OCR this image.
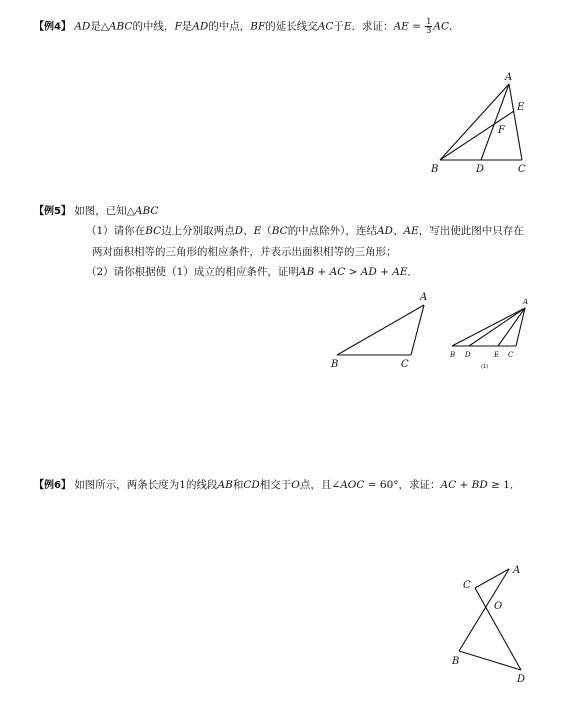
【例4】 AD是△ABC的中线，F是AD的中点，BF的延长线交AC于E．求证：AE = $\frac{1}{3}$ AC．
A
E
F
B	D	C
A
B	C
A
B D	E C
(1)
A
C
O
B
D
【例5】 如图，已知△ABC
（1）请你在BC边上分别取两点D、E（BC的中点除外），连结AD、AE，写出使此图中只存在
两对面积相等的三角形的相应条件，并表示出面积相等的三角形；
（2）请你根据使（1）成立的相应条件，证明AB + AC > AD + AE．
【例6】 如图所示，两条长度为1的线段AB和CD相交于O点，且∠AOC = 60°，求证：AC + BD ≥ 1．
